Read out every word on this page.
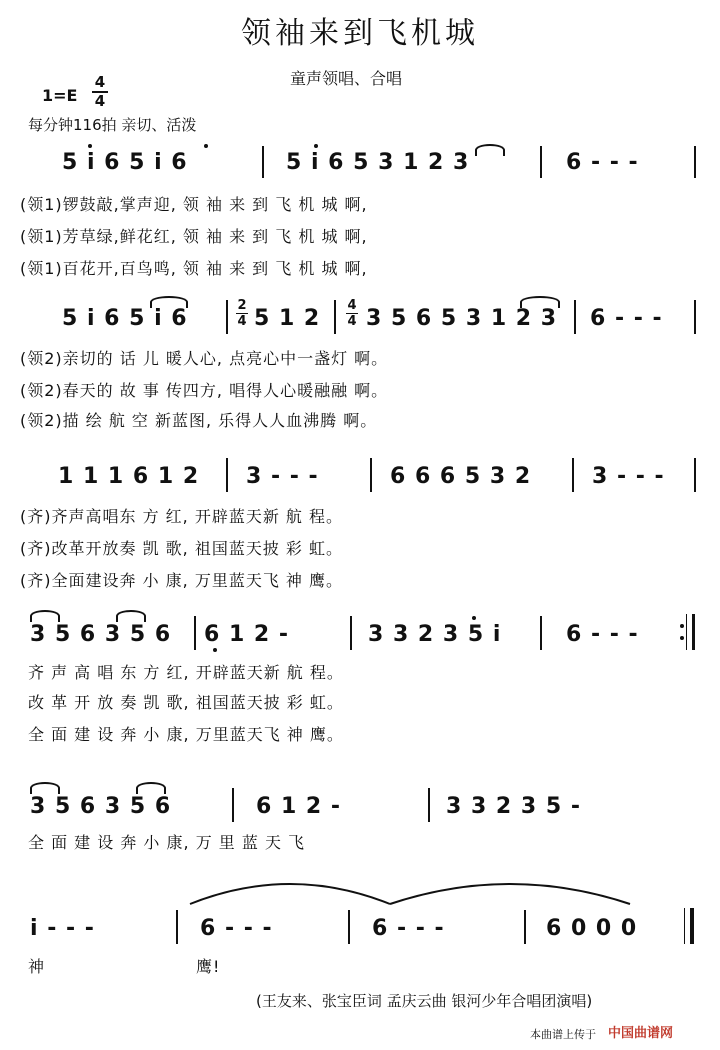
领袖来到飞机城
童声领唱、合唱
1=E
4
4
每分钟116拍 亲切、活泼
5 i 6 5 i 6	5 i 6 5 3 1 2 3	6 - - -
(领1)锣鼓敲,掌声迎, 领 袖 来 到 飞 机 城 啊,
(领1)芳草绿,鲜花红, 领 袖 来 到 飞 机 城 啊,
(领1)百花开,百鸟鸣, 领 袖 来 到 飞 机 城 啊,
5 i 6 5 i 6
2
4 5 1 2
4
4 3 5 6 5 3 1 2 3 6 - - -
(领2)亲切的 话 儿 暖人心, 点亮心中一盏灯 啊。
(领2)春天的 故 事 传四方, 唱得人心暖融融 啊。
(领2)描 绘 航 空 新蓝图, 乐得人人血沸腾 啊。
1 1 1 6 1 2 3 - - -	6 6 6 5 3 2	3 - - -
(齐)齐声高唱东 方 红, 开辟蓝天新 航 程。
(齐)改革开放奏 凯 歌, 祖国蓝天披 彩 虹。
(齐)全面建设奔 小 康, 万里蓝天飞 神 鹰。
3 5 6 3 5 6 6 1 2 -	3 3 2 3 5 i	6 - - -
齐 声 高 唱 东 方 红, 开辟蓝天新 航 程。
改 革 开 放 奏 凯 歌, 祖国蓝天披 彩 虹。
全 面 建 设 奔 小 康, 万里蓝天飞 神 鹰。
3 5 6 3 5 6	6 1 2 -	3 3 2 3 5 -
全 面 建 设 奔 小 康, 万 里 蓝 天 飞
i - - -	6 - - -	6 - - -	6 0 0 0
神	鹰!
(王友来、张宝臣词 孟庆云曲 银河少年合唱团演唱)
本曲谱上传于 中国曲谱网
